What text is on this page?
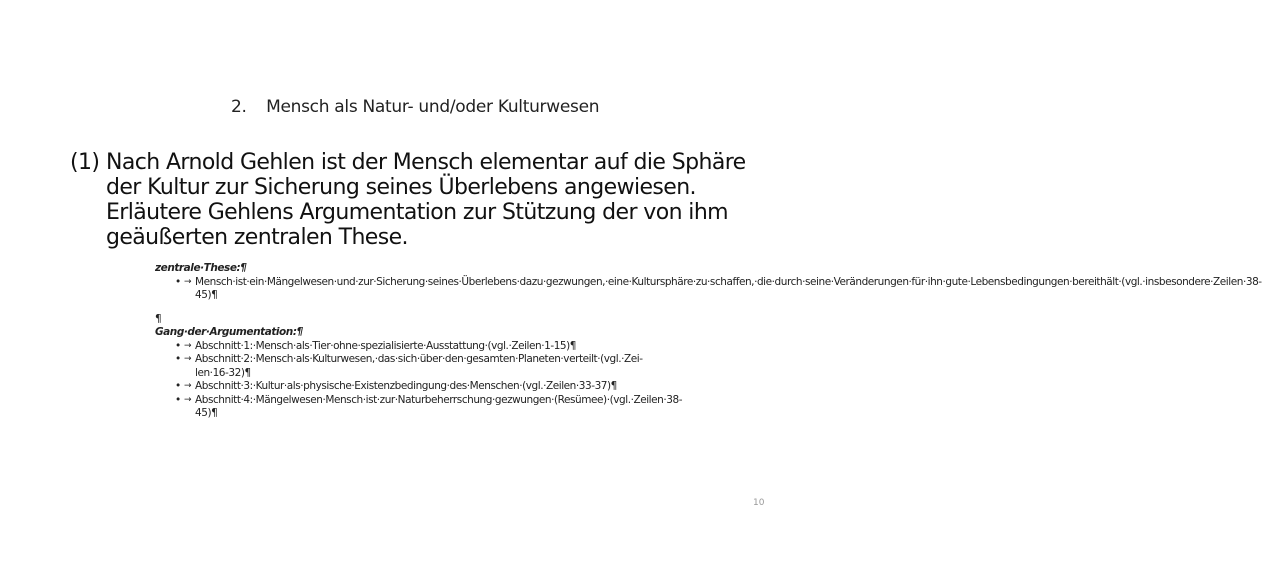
2. Mensch als Natur- und/oder Kulturwesen
(1) Nach Arnold Gehlen ist der Mensch elementar auf die Sphäre der Kultur zur Sicherung seines Überlebens angewiesen. Erläutere Gehlens Argumentation zur Stützung der von ihm geäußerten zentralen These.

zentrale·These:¶

• → Mensch·ist·ein·Mängelwesen·und·zur·Sicherung·seines·Überlebens·dazu·gezwungen,·eine·Kultursphäre·zu·schaffen,·die·durch·seine·Veränderungen·für·ihn·gute·Lebensbedingungen·bereithält·(vgl.·insbesondere·Zeilen·38-45)¶

¶

Gang·der·Argumentation:¶

• → Abschnitt·1:·Mensch·als·Tier·ohne·spezialisierte·Ausstattung·(vgl.·Zeilen·1-15)¶
• → Abschnitt·2:·Mensch·als·Kulturwesen,·das·sich·über·den·gesamten·Planeten·verteilt·(vgl.·Zei-len·16-32)¶
• → Abschnitt·3:·Kultur·als·physische·Existenzbedingung·des·Menschen·(vgl.·Zeilen·33-37)¶
• → Abschnitt·4:·Mängelwesen·Mensch·ist·zur·Naturbeherrschung·gezwungen·(Resümee)·(vgl.·Zeilen·38-45)¶
10
